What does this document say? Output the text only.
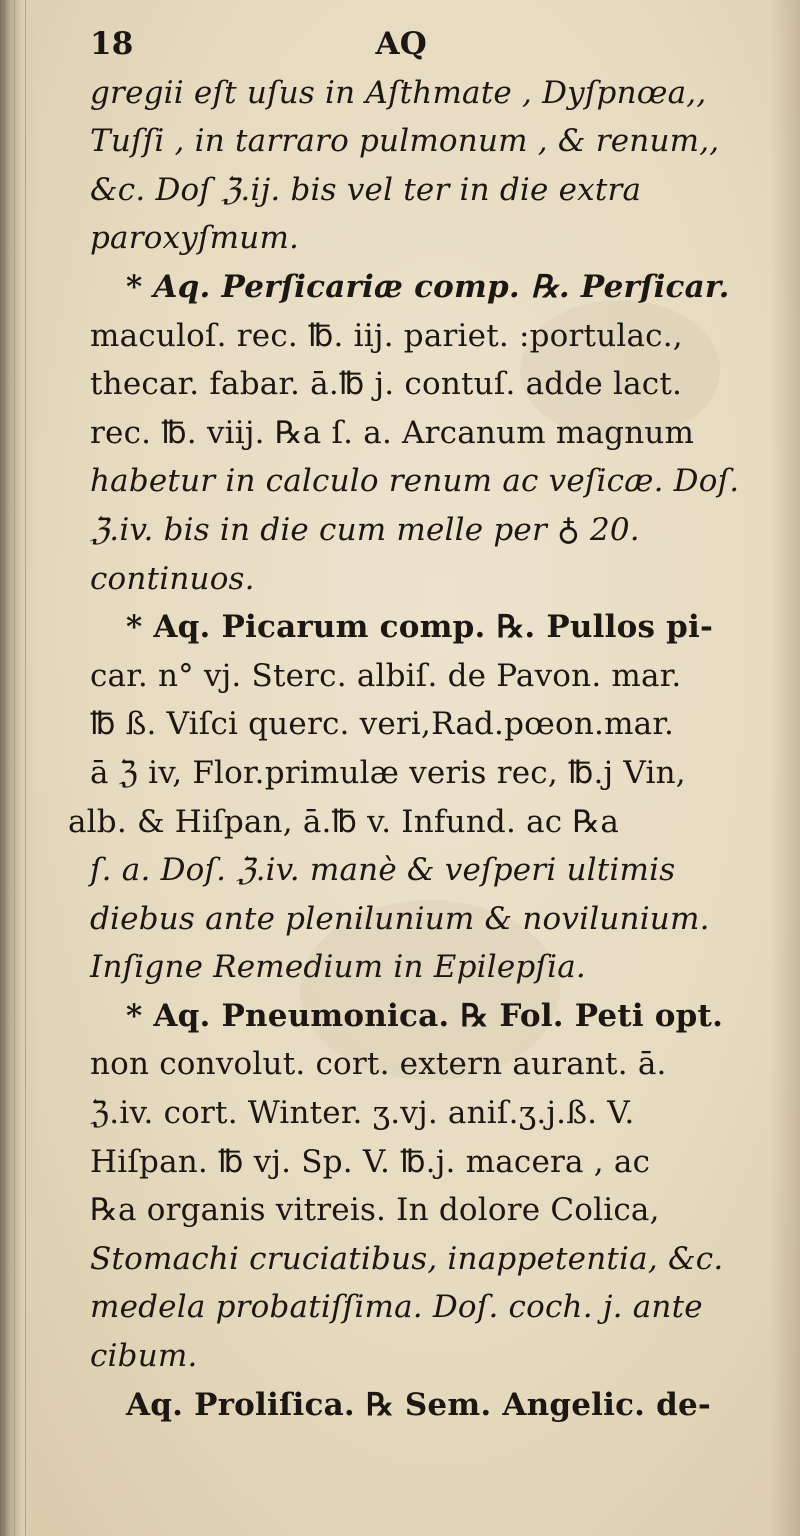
18	AQ
gregii eſt uſus in Aſthmate , Dyſpnœa,,
Tuſſi , in tarraro pulmonum , & renum,,
&c. Doſ ℨ.ij. bis vel ter in die extra
paroxyſmum.
* Aq. Perſicariæ comp. ℞. Perſicar.
maculoſ. rec. ℔. iij. pariet. :portulac.,
thecar. fabar. ā.℔ j. contuſ. adde lact.
rec. ℔. viij. ℞a ſ. a. Arcanum magnum
habetur in calculo renum ac veſicæ. Doſ.
ℨ.iv. bis in die cum melle per ♁ 20.
continuos.
* Aq. Picarum comp. ℞. Pullos pi-
car. n° vj. Sterc. albiſ. de Pavon. mar.
℔ ß. Viſci querc. veri,Rad.pœon.mar.
ā ℨ iv, Flor.primulæ veris rec, ℔.j Vin,
alb. & Hiſpan, ā.℔ v. Infund. ac ℞a
ſ. a. Doſ. ℨ.iv. manè & veſperi ultimis
diebus ante plenilunium & novilunium.
Inſigne Remedium in Epilepſia.
* Aq. Pneumonica. ℞ Fol. Peti opt.
non convolut. cort. extern aurant. ā.
ℨ.iv. cort. Winter. ʒ.vj. aniſ.ʒ.j.ß. V.
Hiſpan. ℔ vj. Sp. V. ℔.j. macera , ac
℞a organis vitreis. In dolore Colica,
Stomachi cruciatibus, inappetentia, &c.
medela probatiſſima. Doſ. coch. j. ante
cibum.
Aq. Proliſica. ℞ Sem. Angelic. de-
